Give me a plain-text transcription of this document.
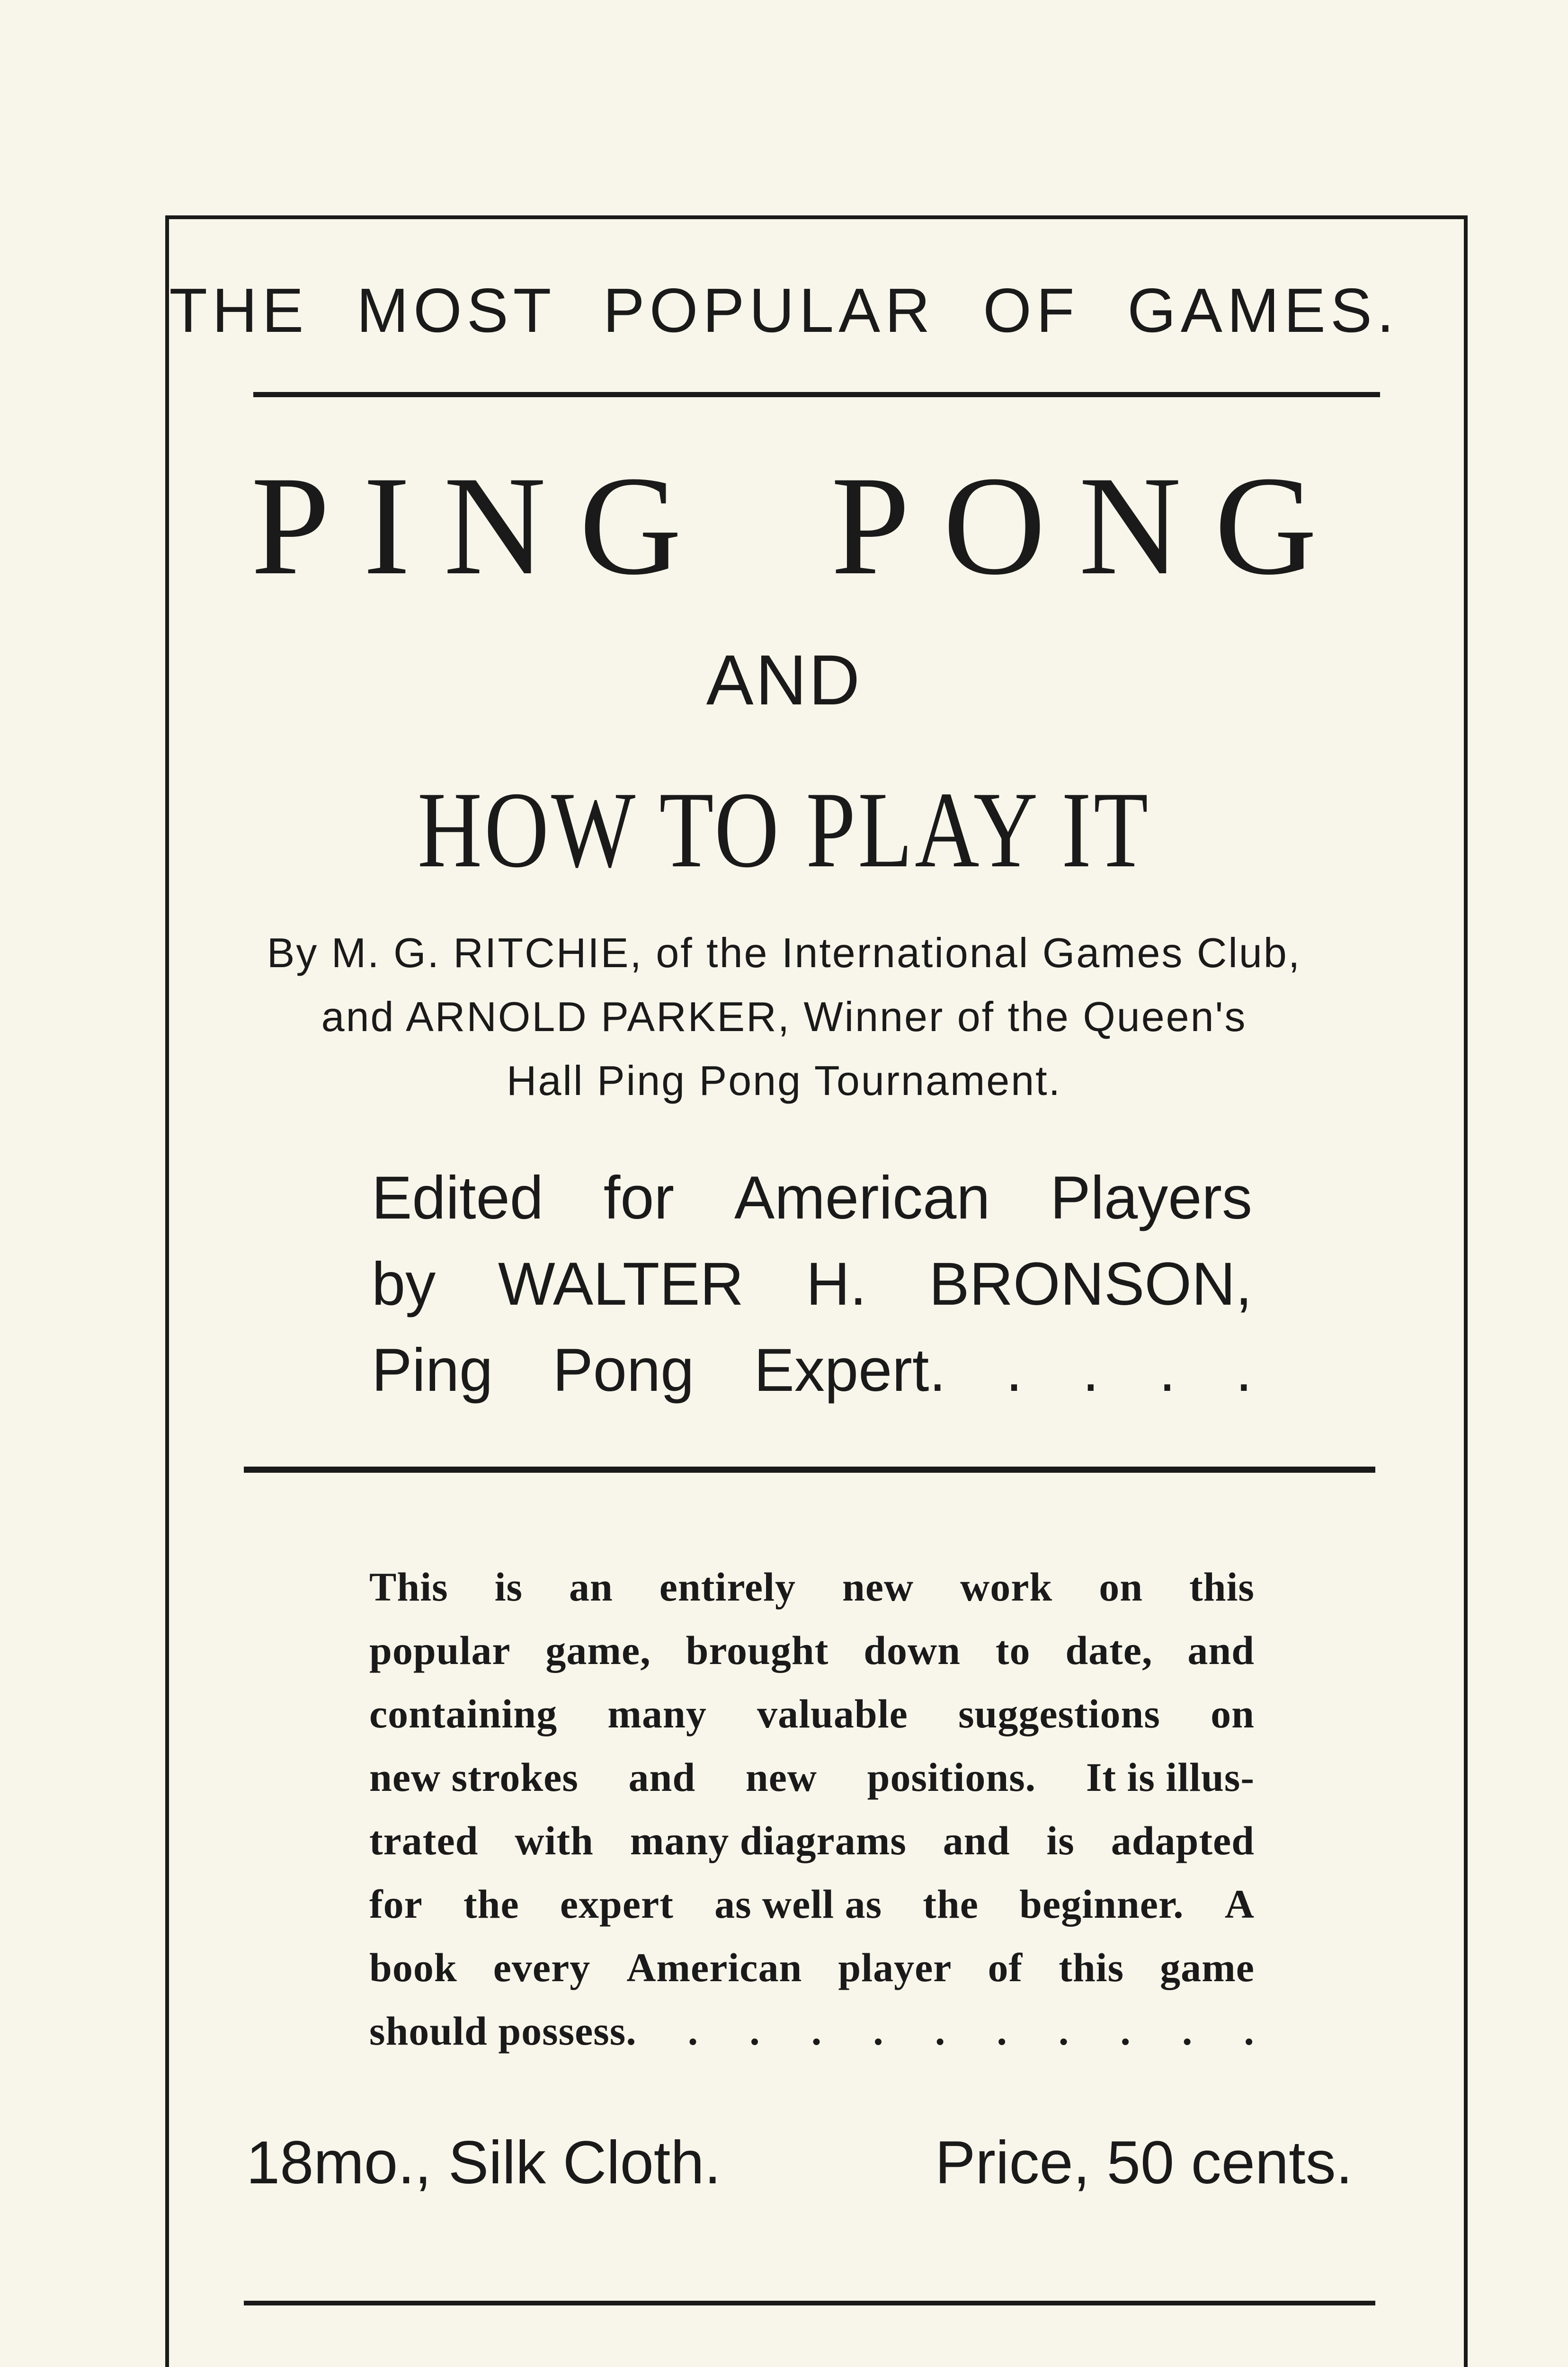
THE MOST POPULAR OF GAMES.
PING PONG
AND
HOW TO PLAY IT
By M. G. RITCHIE, of the International Games Club,
and ARNOLD PARKER, Winner of the Queen's
Hall Ping Pong Tournament.
Edited for American Players
by WALTER H. BRONSON,
Ping Pong Expert. . . . .
This is an entirely new work on this
popular game, brought down to date, and
containing many valuable suggestions on
new strokes and new positions. It is illus-
trated with many diagrams and is adapted
for the expert as well as the beginner. A
book every American player of this game
should possess. . . . . . . . . . .
18mo., Silk Cloth.	Price, 50 cents.
